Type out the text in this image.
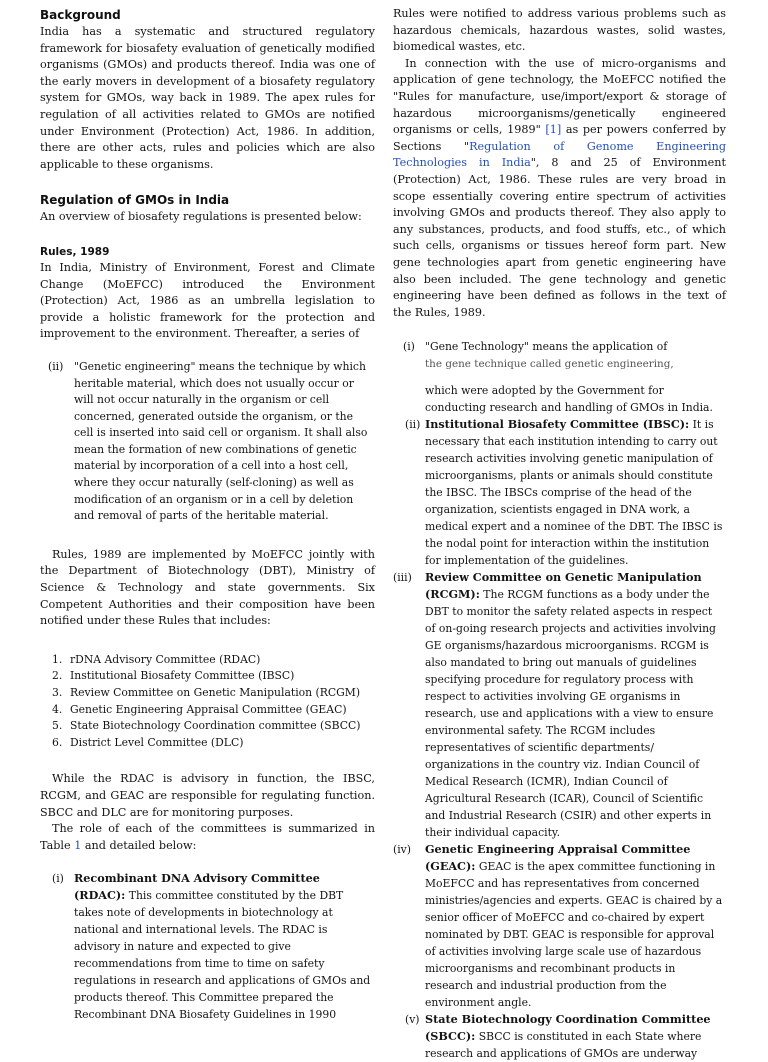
Background

India has a systematic and structured regulatory framework for biosafety evaluation of genetically modified organisms (GMOs) and products thereof. India was one of the early movers in development of a biosafety regulatory system for GMOs, way back in 1989. The apex rules for regulation of all activities related to GMOs are notified under Environment (Protection) Act, 1986. In addition, there are other acts, rules and policies which are also applicable to these organisms.

Regulation of GMOs in India

An overview of biosafety regulations is presented below:

Rules, 1989

In India, Ministry of Environment, Forest and Climate Change (MoEFCC) introduced the Environment (Protection) Act, 1986 as an umbrella legislation to provide a holistic framework for the protection and improvement to the environment. Thereafter, a series of

(ii) "Genetic engineering" means the technique by which heritable material, which does not usually occur or will not occur naturally in the organism or cell concerned, generated outside the organism, or the cell is inserted into said cell or organism. It shall also mean the formation of new combinations of genetic material by incorporation of a cell into a host cell, where they occur naturally (self-cloning) as well as modification of an organism or in a cell by deletion and removal of parts of the heritable material.

Rules, 1989 are implemented by MoEFCC jointly with the Department of Biotechnology (DBT), Ministry of Science & Technology and state governments. Six Competent Authorities and their composition have been notified under these Rules that includes:

1. rDNA Advisory Committee (RDAC)
2. Institutional Biosafety Committee (IBSC)
3. Review Committee on Genetic Manipulation (RCGM)
4. Genetic Engineering Appraisal Committee (GEAC)
5. State Biotechnology Coordination committee (SBCC)
6. District Level Committee (DLC)

While the RDAC is advisory in function, the IBSC, RCGM, and GEAC are responsible for regulating function. SBCC and DLC are for monitoring purposes.

The role of each of the committees is summarized in Table 1 and detailed below:

(i) Recombinant DNA Advisory Committee (RDAC): This committee constituted by the DBT takes note of developments in biotechnology at national and international levels. The RDAC is advisory in nature and expected to give recommendations from time to time on safety regulations in research and applications of GMOs and products thereof. This Committee prepared the Recombinant DNA Biosafety Guidelines in 1990

Rules were notified to address various problems such as hazardous chemicals, hazardous wastes, solid wastes, biomedical wastes, etc.

In connection with the use of micro-organisms and application of gene technology, the MoEFCC notified the "Rules for manufacture, use/import/export & storage of hazardous microorganisms/genetically engineered organisms or cells, 1989" [1] as per powers conferred by Sections "Regulation of Genome Engineering Technologies in India", 8 and 25 of Environment (Protection) Act, 1986. These rules are very broad in scope essentially covering entire spectrum of activities involving GMOs and products thereof. They also apply to any substances, products, and food stuffs, etc., of which such cells, organisms or tissues hereof form part. New gene technologies apart from genetic engineering have also been included. The gene technology and genetic engineering have been defined as follows in the text of the Rules, 1989.

(i) "Gene Technology" means the application of
the gene technique called genetic engineering,
which were adopted by the Government for conducting research and handling of GMOs in India.
(ii) Institutional Biosafety Committee (IBSC): It is necessary that each institution intending to carry out research activities involving genetic manipulation of microorganisms, plants or animals should constitute the IBSC. The IBSCs comprise of the head of the organization, scientists engaged in DNA work, a medical expert and a nominee of the DBT. The IBSC is the nodal point for interaction within the institution for implementation of the guidelines.
(iii) Review Committee on Genetic Manipulation (RCGM): The RCGM functions as a body under the DBT to monitor the safety related aspects in respect of on-going research projects and activities involving GE organisms/hazardous microorganisms. RCGM is also mandated to bring out manuals of guidelines specifying procedure for regulatory process with respect to activities involving GE organisms in research, use and applications with a view to ensure environmental safety. The RCGM includes representatives of scientific departments/ organizations in the country viz. Indian Council of Medical Research (ICMR), Indian Council of Agricultural Research (ICAR), Council of Scientific and Industrial Research (CSIR) and other experts in their individual capacity.
(iv) Genetic Engineering Appraisal Committee (GEAC): GEAC is the apex committee functioning in MoEFCC and has representatives from concerned ministries/agencies and experts. GEAC is chaired by a senior officer of MoEFCC and co-chaired by expert nominated by DBT. GEAC is responsible for approval of activities involving large scale use of hazardous microorganisms and recombinant products in research and industrial production from the environment angle.
(v) State Biotechnology Coordination Committee (SBCC): SBCC is constituted in each State where research and applications of GMOs are underway
